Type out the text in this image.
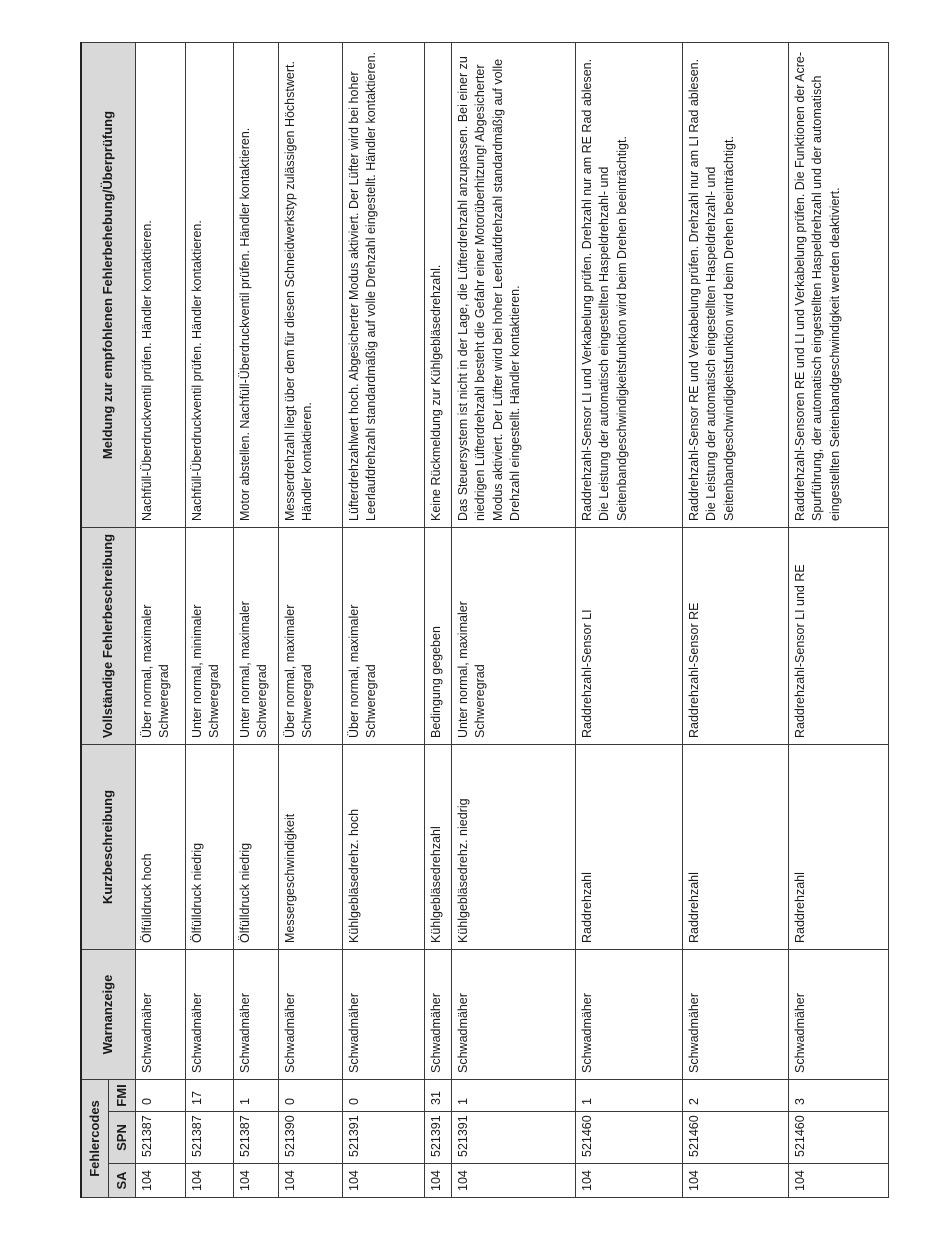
Fehlercodes			Warnanzeige	Kurzbeschreibung	Vollständige Fehlerbeschreibung	Meldung zur empfohlenen Fehlerbehebung/Überprüfung
SA	SPN	FMI				
104	521387	0	Schwadmäher	Ölfülldruck hoch	Über normal, maximaler Schweregrad	Nachfüll-Überdruckventil prüfen. Händler kontaktieren.
104	521387	17	Schwadmäher	Ölfülldruck niedrig	Unter normal, minimaler Schweregrad	Nachfüll-Überdruckventil prüfen. Händler kontaktieren.
104	521387	1	Schwadmäher	Ölfülldruck niedrig	Unter normal, maximaler Schweregrad	Motor abstellen. Nachfüll-Überdruckventil prüfen. Händler kontaktieren.
104	521390	0	Schwadmäher	Messergeschwindigkeit	Über normal, maximaler Schweregrad	Messerdrehzahl liegt über dem für diesen Schneidwerkstyp zulässigen Höchstwert. Händler kontaktieren.
104	521391	0	Schwadmäher	Kühlgebläsedrehz. hoch	Über normal, maximaler Schweregrad	Lüfterdrehzahlwert hoch. Abgesicherter Modus aktiviert. Der Lüfter wird bei hoher Leerlaufdrehzahl standardmäßig auf volle Drehzahl eingestellt. Händler kontaktieren.
104	521391	31	Schwadmäher	Kühlgebläsedrehzahl	Bedingung gegeben	Keine Rückmeldung zur Kühlgebläsedrehzahl.
104	521391	1	Schwadmäher	Kühlgebläsedrehz. niedrig	Unter normal, maximaler Schweregrad	Das Steuersystem ist nicht in der Lage, die Lüfterdrehzahl anzupassen. Bei einer zu niedrigen Lüfterdrehzahl besteht die Gefahr einer Motorüberhitzung! Abgesicherter Modus aktiviert. Der Lüfter wird bei hoher Leerlaufdrehzahl standardmäßig auf volle Drehzahl eingestellt. Händler kontaktieren.
104	521460	1	Schwadmäher	Raddrehzahl	Raddrehzahl-Sensor LI	Raddrehzahl-Sensor LI und Verkabelung prüfen. Drehzahl nur am RE Rad ablesen. Die Leistung der automatisch eingestellten Haspeldrehzahl- und Seitenbandgeschwindigkeitsfunktion wird beim Drehen beeinträchtigt.
104	521460	2	Schwadmäher	Raddrehzahl	Raddrehzahl-Sensor RE	Raddrehzahl-Sensor RE und Verkabelung prüfen. Drehzahl nur am LI Rad ablesen. Die Leistung der automatisch eingestellten Haspeldrehzahl- und Seitenbandgeschwindigkeitsfunktion wird beim Drehen beeinträchtigt.
104	521460	3	Schwadmäher	Raddrehzahl	Raddrehzahl-Sensor LI und RE	Raddrehzahl-Sensoren RE und LI und Verkabelung prüfen. Die Funktionen der Acre-Spurführung, der automatisch eingestellten Haspeldrehzahl und der automatisch eingestellten Seitenbandgeschwindigkeit werden deaktiviert.
